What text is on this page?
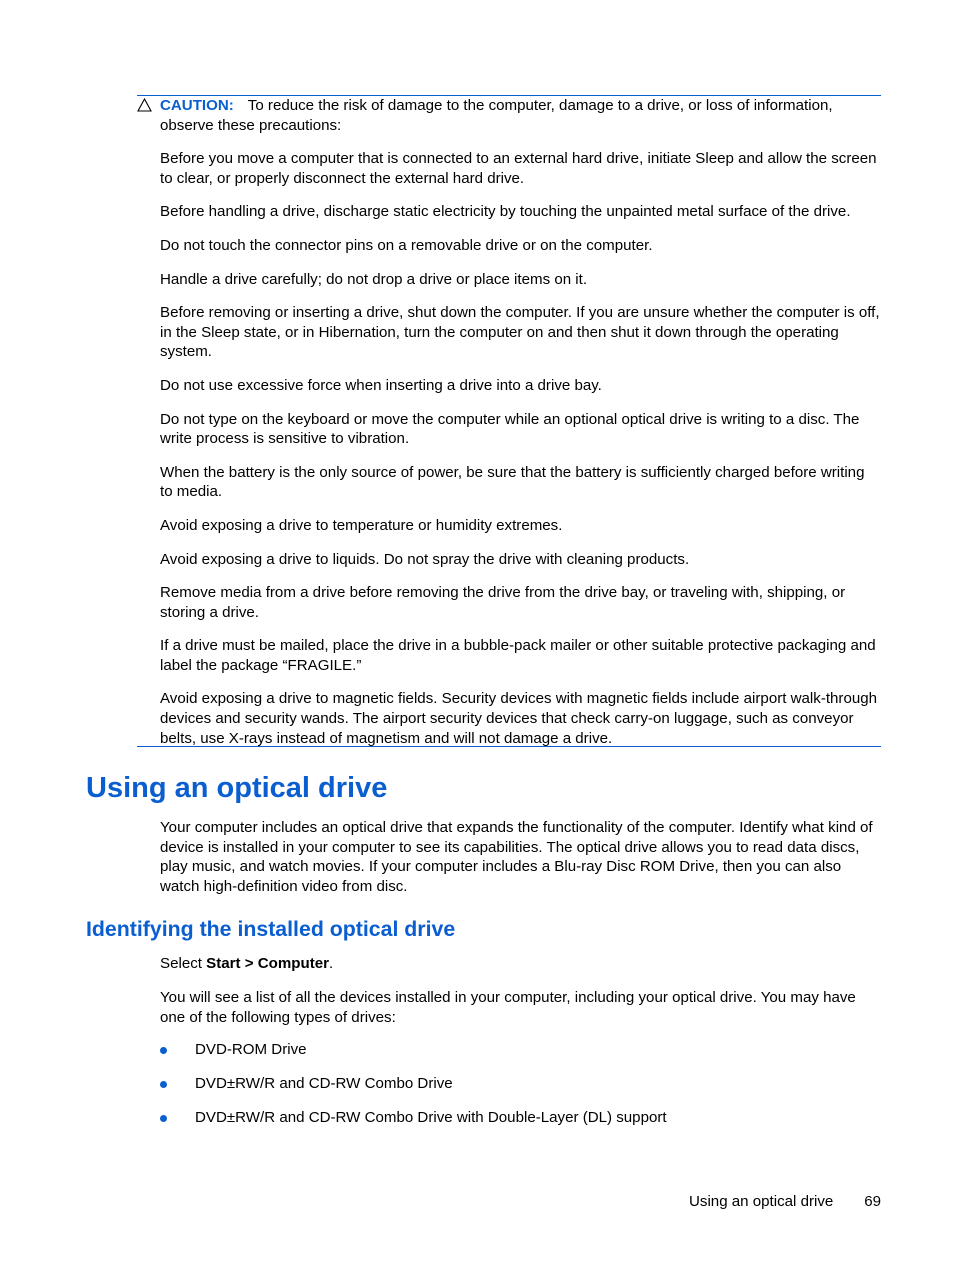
CAUTION: To reduce the risk of damage to the computer, damage to a drive, or loss of information, observe these precautions:

Before you move a computer that is connected to an external hard drive, initiate Sleep and allow the screen to clear, or properly disconnect the external hard drive.

Before handling a drive, discharge static electricity by touching the unpainted metal surface of the drive.

Do not touch the connector pins on a removable drive or on the computer.

Handle a drive carefully; do not drop a drive or place items on it.

Before removing or inserting a drive, shut down the computer. If you are unsure whether the computer is off, in the Sleep state, or in Hibernation, turn the computer on and then shut it down through the operating system.

Do not use excessive force when inserting a drive into a drive bay.

Do not type on the keyboard or move the computer while an optional optical drive is writing to a disc. The write process is sensitive to vibration.

When the battery is the only source of power, be sure that the battery is sufficiently charged before writing to media.

Avoid exposing a drive to temperature or humidity extremes.

Avoid exposing a drive to liquids. Do not spray the drive with cleaning products.

Remove media from a drive before removing the drive from the drive bay, or traveling with, shipping, or storing a drive.

If a drive must be mailed, place the drive in a bubble-pack mailer or other suitable protective packaging and label the package “FRAGILE.”

Avoid exposing a drive to magnetic fields. Security devices with magnetic fields include airport walk-through devices and security wands. The airport security devices that check carry-on luggage, such as conveyor belts, use X-rays instead of magnetism and will not damage a drive.

Using an optical drive

Your computer includes an optical drive that expands the functionality of the computer. Identify what kind of device is installed in your computer to see its capabilities. The optical drive allows you to read data discs, play music, and watch movies. If your computer includes a Blu-ray Disc ROM Drive, then you can also watch high-definition video from disc.

Identifying the installed optical drive

Select Start > Computer.

You will see a list of all the devices installed in your computer, including your optical drive. You may have one of the following types of drives:

DVD-ROM Drive
DVD±RW/R and CD-RW Combo Drive
DVD±RW/R and CD-RW Combo Drive with Double-Layer (DL) support
Using an optical drive 69
